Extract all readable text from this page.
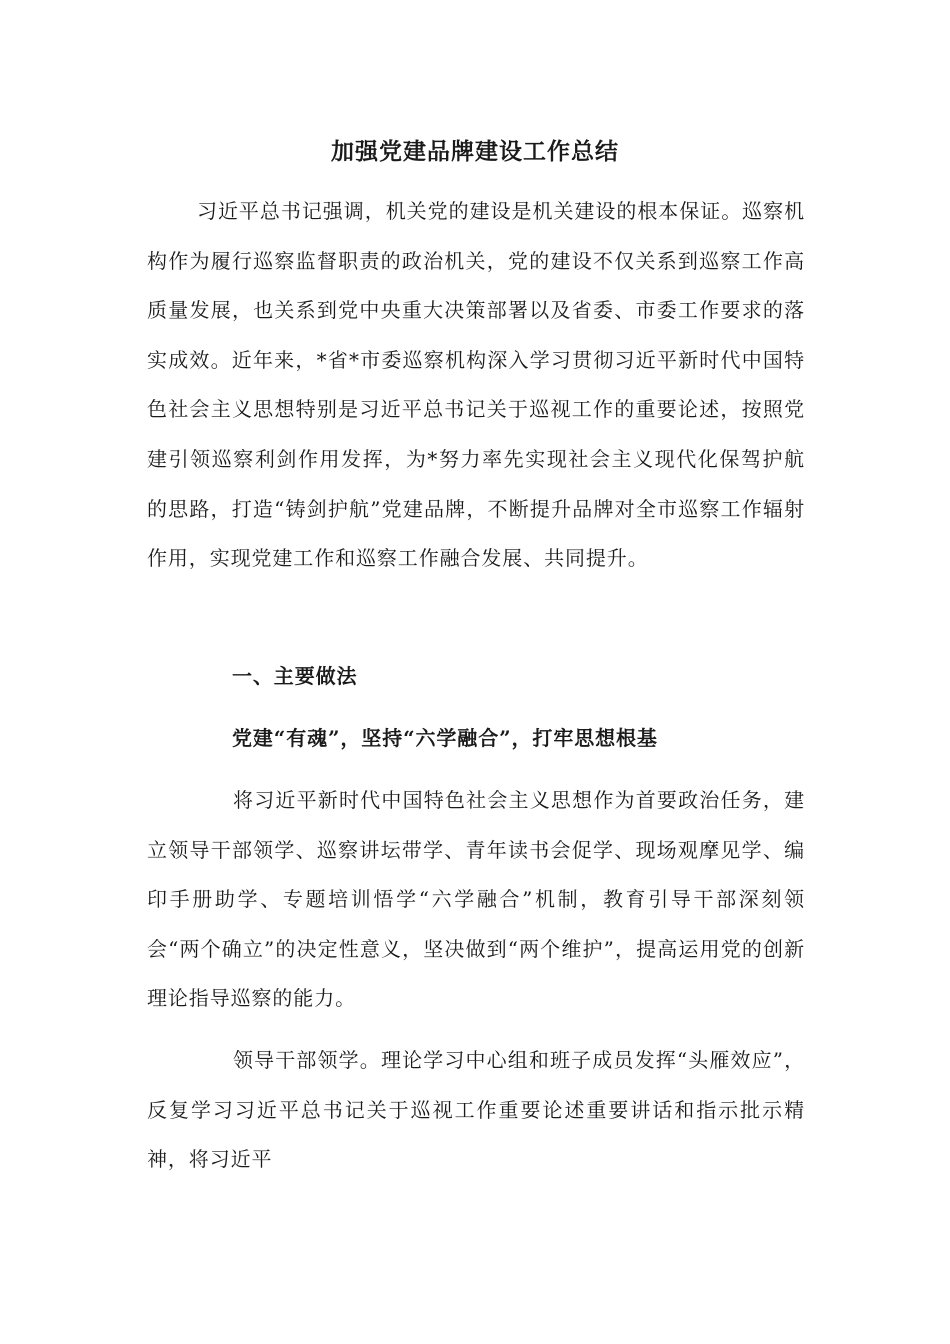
加强党建品牌建设工作总结

习近平总书记强调，机关党的建设是机关建设的根本保证。巡察机构作为履行巡察监督职责的政治机关，党的建设不仅关系到巡察工作高质量发展，也关系到党中央重大决策部署以及省委、市委工作要求的落实成效。近年来，*省*市委巡察机构深入学习贯彻习近平新时代中国特色社会主义思想特别是习近平总书记关于巡视工作的重要论述，按照党建引领巡察利剑作用发挥，为*努力率先实现社会主义现代化保驾护航的思路，打造“铸剑护航”党建品牌，不断提升品牌对全市巡察工作辐射作用，实现党建工作和巡察工作融合发展、共同提升。

一、主要做法
党建“有魂”，坚持“六学融合”，打牢思想根基

将习近平新时代中国特色社会主义思想作为首要政治任务，建立领导干部领学、巡察讲坛带学、青年读书会促学、现场观摩见学、编印手册助学、专题培训悟学“六学融合”机制，教育引导干部深刻领会“两个确立”的决定性意义，坚决做到“两个维护”，提高运用党的创新理论指导巡察的能力。

领导干部领学。理论学习中心组和班子成员发挥“头雁效应”，反复学习习近平总书记关于巡视工作重要论述重要讲话和指示批示精神，将习近平
